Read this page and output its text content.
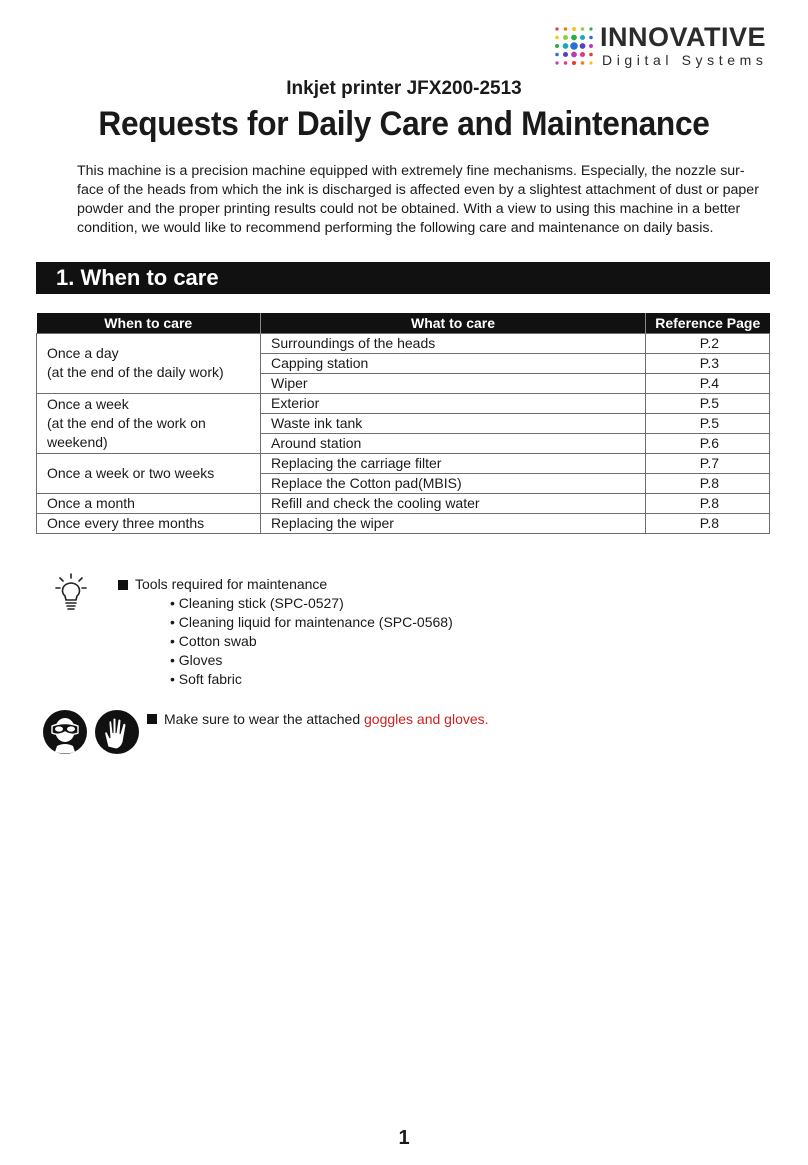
INNOVATIVE
Digital Systems
Inkjet printer JFX200-2513
Requests for Daily Care and Maintenance

This machine is a precision machine equipped with extremely fine mechanisms. Especially, the nozzle sur-face of the heads from which the ink is discharged is affected even by a slightest attachment of dust or paper powder and the proper printing results could not be obtained. With a view to using this machine in a better condition, we would like to recommend performing the following care and maintenance on daily basis.

1. When to care
When to care	What to care	Reference Page

Once a day
(at the end of the daily work)	Surroundings of the heads	P.2
	Capping station	P.3
	Wiper	P.4

Once a week
(at the end of the work on
weekend)	Exterior	P.5
	Waste ink tank	P.5
	Around station	P.6

Once a week or two weeks	Replacing the carriage filter	P.7
	Replace the Cotton pad(MBIS)	P.8

Once a month	Refill and check the cooling water	P.8

Once every three months	Replacing the wiper	P.8
Tools required for maintenance
• Cleaning stick (SPC-0527)
• Cleaning liquid for maintenance (SPC-0568)
• Cotton swab
• Gloves
• Soft fabric

Make sure to wear the attached goggles and gloves.
1
